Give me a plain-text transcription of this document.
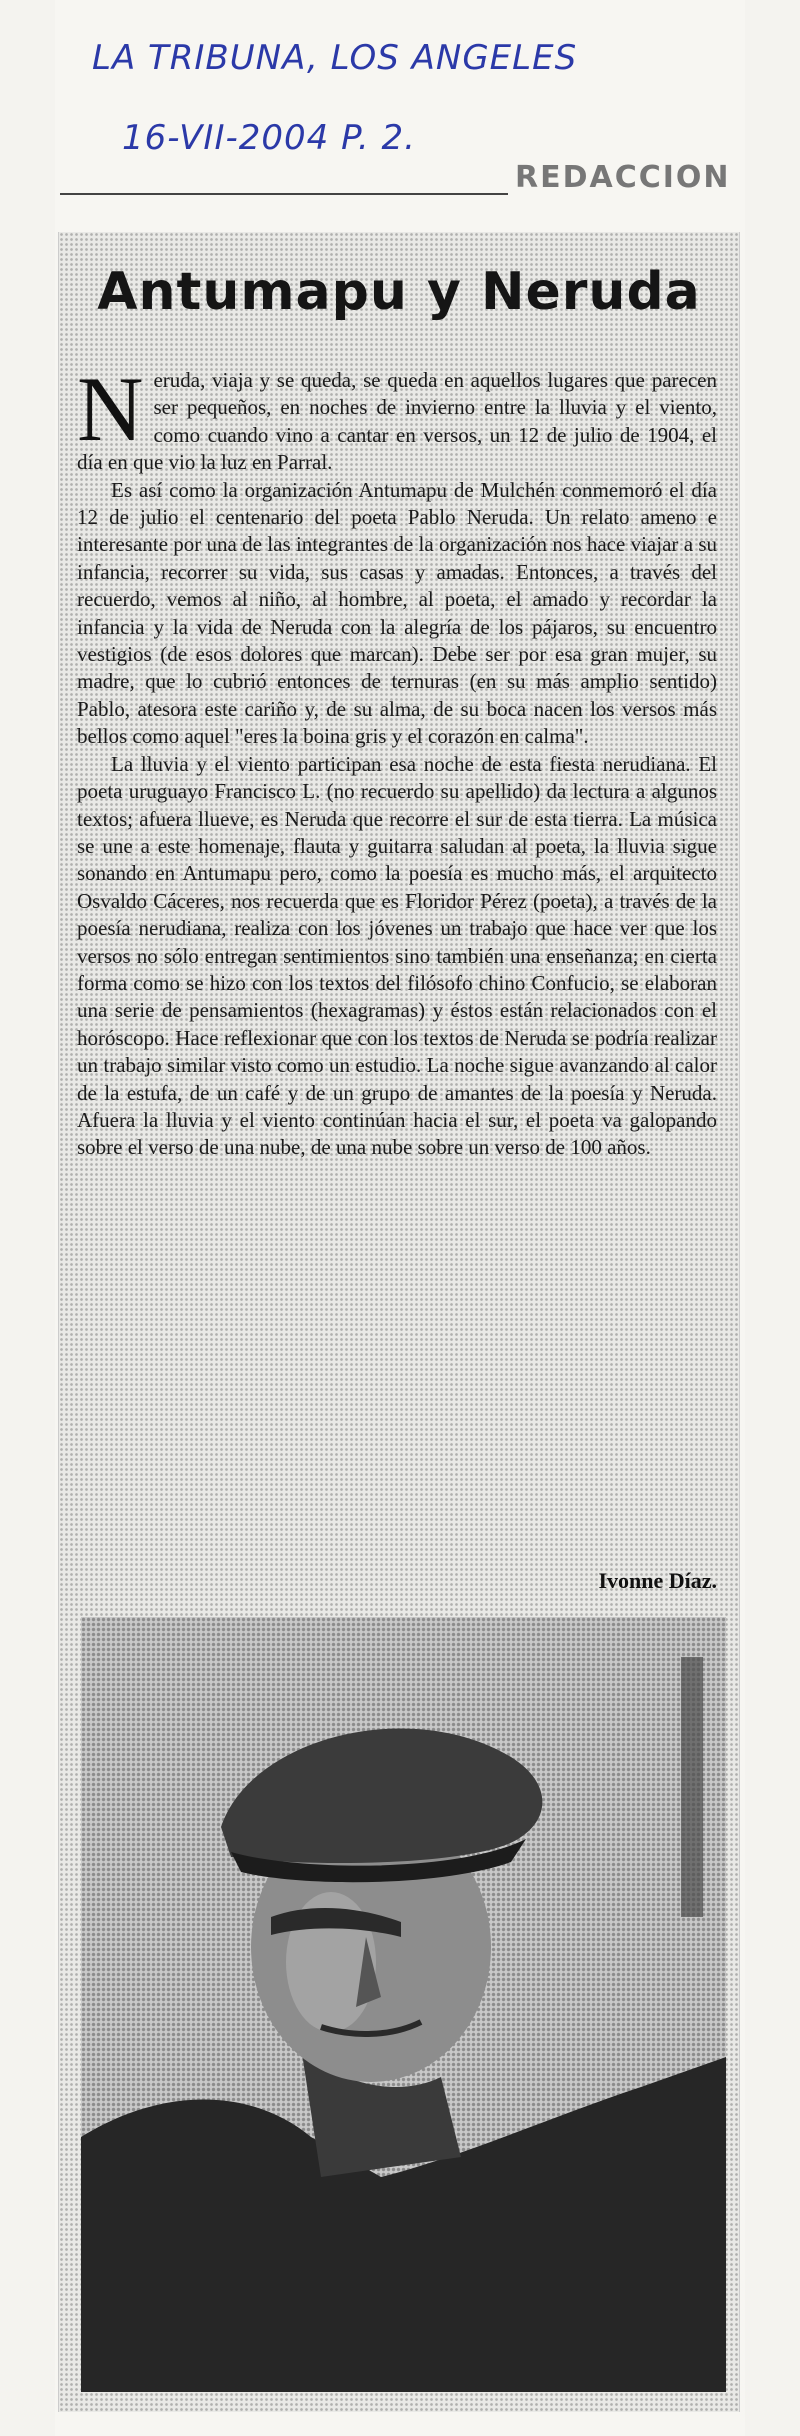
LA TRIBUNA, LOS ANGELES
16-VII-2004 P. 2.
REDACCION
Antumapu y Neruda

Neruda, viaja y se queda, se queda en aquellos lugares que parecen ser pequeños, en noches de invierno entre la lluvia y el viento, como cuando vino a cantar en versos, un 12 de julio de 1904, el día en que vio la luz en Parral.

Es así como la organización Antumapu de Mulchén conmemoró el día 12 de julio el centenario del poeta Pablo Neruda. Un relato ameno e interesante por una de las integrantes de la organización nos hace viajar a su infancia, recorrer su vida, sus casas y amadas. Entonces, a través del recuerdo, vemos al niño, al hombre, al poeta, el amado y recordar la infancia y la vida de Neruda con la alegría de los pájaros, su encuentro vestigios (de esos dolores que marcan). Debe ser por esa gran mujer, su madre, que lo cubrió entonces de ternuras (en su más amplio sentido) Pablo, atesora este cariño y, de su alma, de su boca nacen los versos más bellos como aquel "eres la boina gris y el corazón en calma".

La lluvia y el viento participan esa noche de esta fiesta nerudiana. El poeta uruguayo Francisco L. (no recuerdo su apellido) da lectura a algunos textos; afuera llueve, es Neruda que recorre el sur de esta tierra. La música se une a este homenaje, flauta y guitarra saludan al poeta, la lluvia sigue sonando en Antumapu pero, como la poesía es mucho más, el arquitecto Osvaldo Cáceres, nos recuerda que es Floridor Pérez (poeta), a través de la poesía nerudiana, realiza con los jóvenes un trabajo que hace ver que los versos no sólo entregan sentimientos sino también una enseñanza; en cierta forma como se hizo con los textos del filósofo chino Confucio, se elaboran una serie de pensamientos (hexagramas) y éstos están relacionados con el horóscopo. Hace reflexionar que con los textos de Neruda se podría realizar un trabajo similar visto como un estudio. La noche sigue avanzando al calor de la estufa, de un café y de un grupo de amantes de la poesía y Neruda. Afuera la lluvia y el viento continúan hacia el sur, el poeta va galopando sobre el verso de una nube, de una nube sobre un verso de 100 años.

Ivonne Díaz.
